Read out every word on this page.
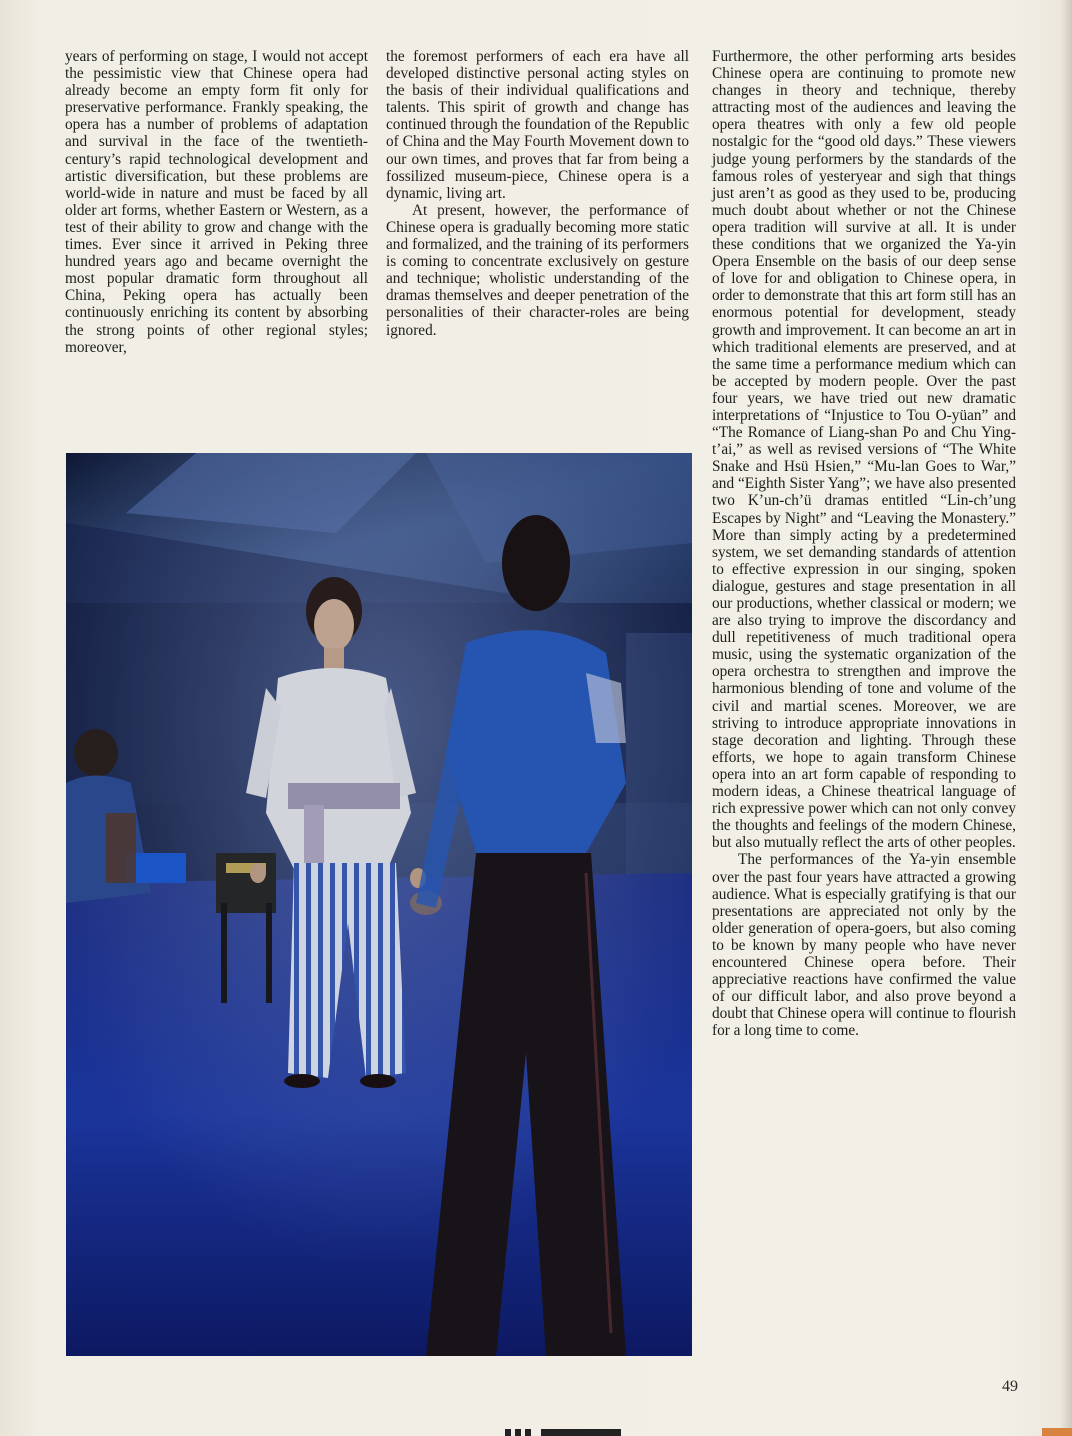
years of performing on stage, I would not accept the pessimistic view that Chinese opera had already become an empty form fit only for preservative performance. Frankly speaking, the opera has a number of problems of adaptation and survival in the face of the twentieth-century’s rapid technological development and artistic diversification, but these problems are world-wide in nature and must be faced by all older art forms, whether Eastern or Western, as a test of their ability to grow and change with the times. Ever since it arrived in Peking three hundred years ago and became overnight the most popular dramatic form throughout all China, Peking opera has actually been continuously enriching its content by absorbing the strong points of other regional styles; moreover,

the foremost performers of each era have all developed distinctive personal acting styles on the basis of their individual qualifications and talents. This spirit of growth and change has continued through the foundation of the Republic of China and the May Fourth Movement down to our own times, and proves that far from being a fossilized museum-piece, Chinese opera is a dynamic, living art.

At present, however, the performance of Chinese opera is gradually becoming more static and formalized, and the training of its performers is coming to concentrate exclusively on gesture and technique; wholistic understanding of the dramas themselves and deeper penetration of the personalities of their character-roles are being ignored.

Furthermore, the other performing arts besides Chinese opera are continuing to promote new changes in theory and technique, thereby attracting most of the audiences and leaving the opera theatres with only a few old people nostalgic for the “good old days.” These viewers judge young performers by the standards of the famous roles of yesteryear and sigh that things just aren’t as good as they used to be, producing much doubt about whether or not the Chinese opera tradition will survive at all. It is under these conditions that we organized the Ya-yin Opera Ensemble on the basis of our deep sense of love for and obligation to Chinese opera, in order to demonstrate that this art form still has an enormous potential for development, steady growth and improvement. It can become an art in which traditional elements are preserved, and at the same time a performance medium which can be accepted by modern people. Over the past four years, we have tried out new dramatic interpretations of “Injustice to Tou O-yüan” and “The Romance of Liang-shan Po and Chu Ying-t’ai,” as well as revised versions of “The White Snake and Hsü Hsien,” “Mu-lan Goes to War,” and “Eighth Sister Yang”; we have also presented two K’un-ch’ü dramas entitled “Lin-ch’ung Escapes by Night” and “Leaving the Monastery.” More than simply acting by a predetermined system, we set demanding standards of attention to effective expression in our singing, spoken dialogue, gestures and stage presentation in all our productions, whether classical or modern; we are also trying to improve the discordancy and dull repetitiveness of much traditional opera music, using the systematic organization of the opera orchestra to strengthen and improve the harmonious blending of tone and volume of the civil and martial scenes. Moreover, we are striving to introduce appropriate innovations in stage decoration and lighting. Through these efforts, we hope to again transform Chinese opera into an art form capable of responding to modern ideas, a Chinese theatrical language of rich expressive power which can not only convey the thoughts and feelings of the modern Chinese, but also mutually reflect the arts of other peoples.

The performances of the Ya-yin ensemble over the past four years have attracted a growing audience. What is especially gratifying is that our presentations are appreciated not only by the older generation of opera-goers, but also coming to be known by many people who have never encountered Chinese opera before. Their appreciative reactions have confirmed the value of our difficult labor, and also prove beyond a doubt that Chinese opera will continue to flourish for a long time to come.

49
